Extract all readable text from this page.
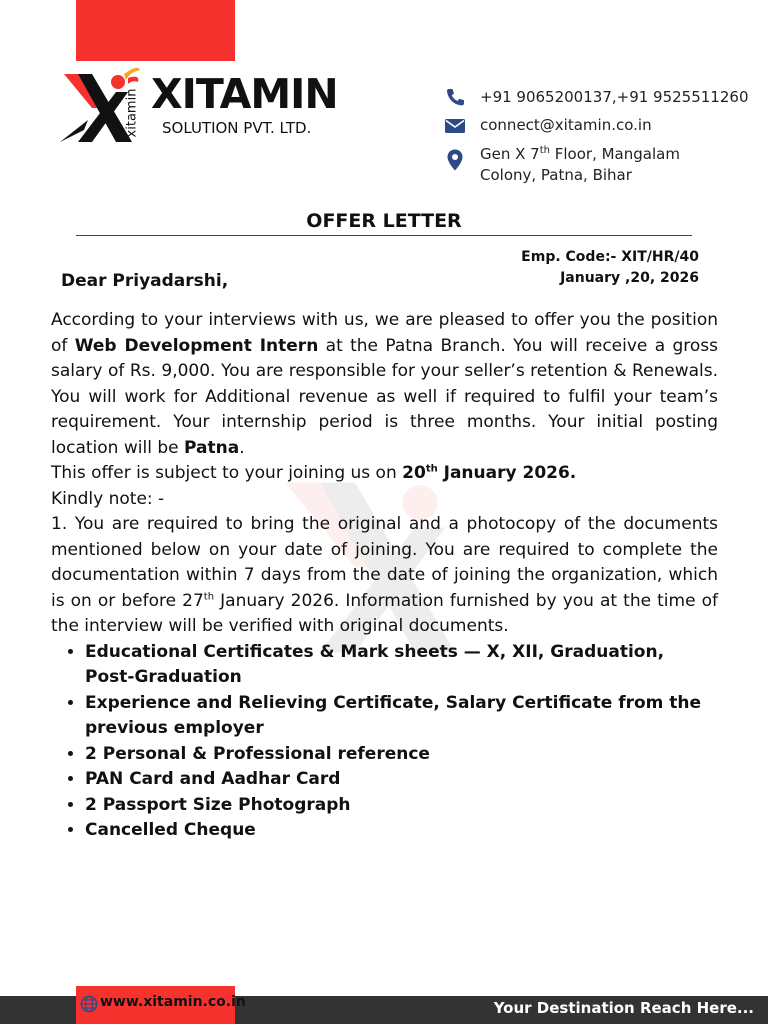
xitamin XITAMIN
SOLUTION PVT. LTD.
+91 9065200137,+91 9525511260
connect@xitamin.co.in
Gen X 7th Floor, Mangalam Colony, Patna, Bihar
OFFER LETTER
Emp. Code:- XIT/HR/40
January ,20, 2026
Dear Priyadarshi,

According to your interviews with us, we are pleased to offer you the position of Web Development Intern at the Patna Branch. You will receive a gross salary of Rs. 9,000. You are responsible for your seller’s retention & Renewals. You will work for Additional revenue as well if required to fulfil your team’s requirement. Your internship period is three months. Your initial posting location will be Patna.

This offer is subject to your joining us on 20th January 2026.

Kindly note: -

1. You are required to bring the original and a photocopy of the documents mentioned below on your date of joining. You are required to complete the documentation within 7 days from the date of joining the organization, which is on or before 27th January 2026. Information furnished by you at the time of the interview will be verified with original documents.

• Educational Certificates & Mark sheets — X, XII, Graduation, Post-Graduation
• Experience and Relieving Certificate, Salary Certificate from the previous employer
• 2 Personal & Professional reference
• PAN Card and Aadhar Card
• 2 Passport Size Photograph
• Cancelled Cheque
www.xitamin.co.in	Your Destination Reach Here...
